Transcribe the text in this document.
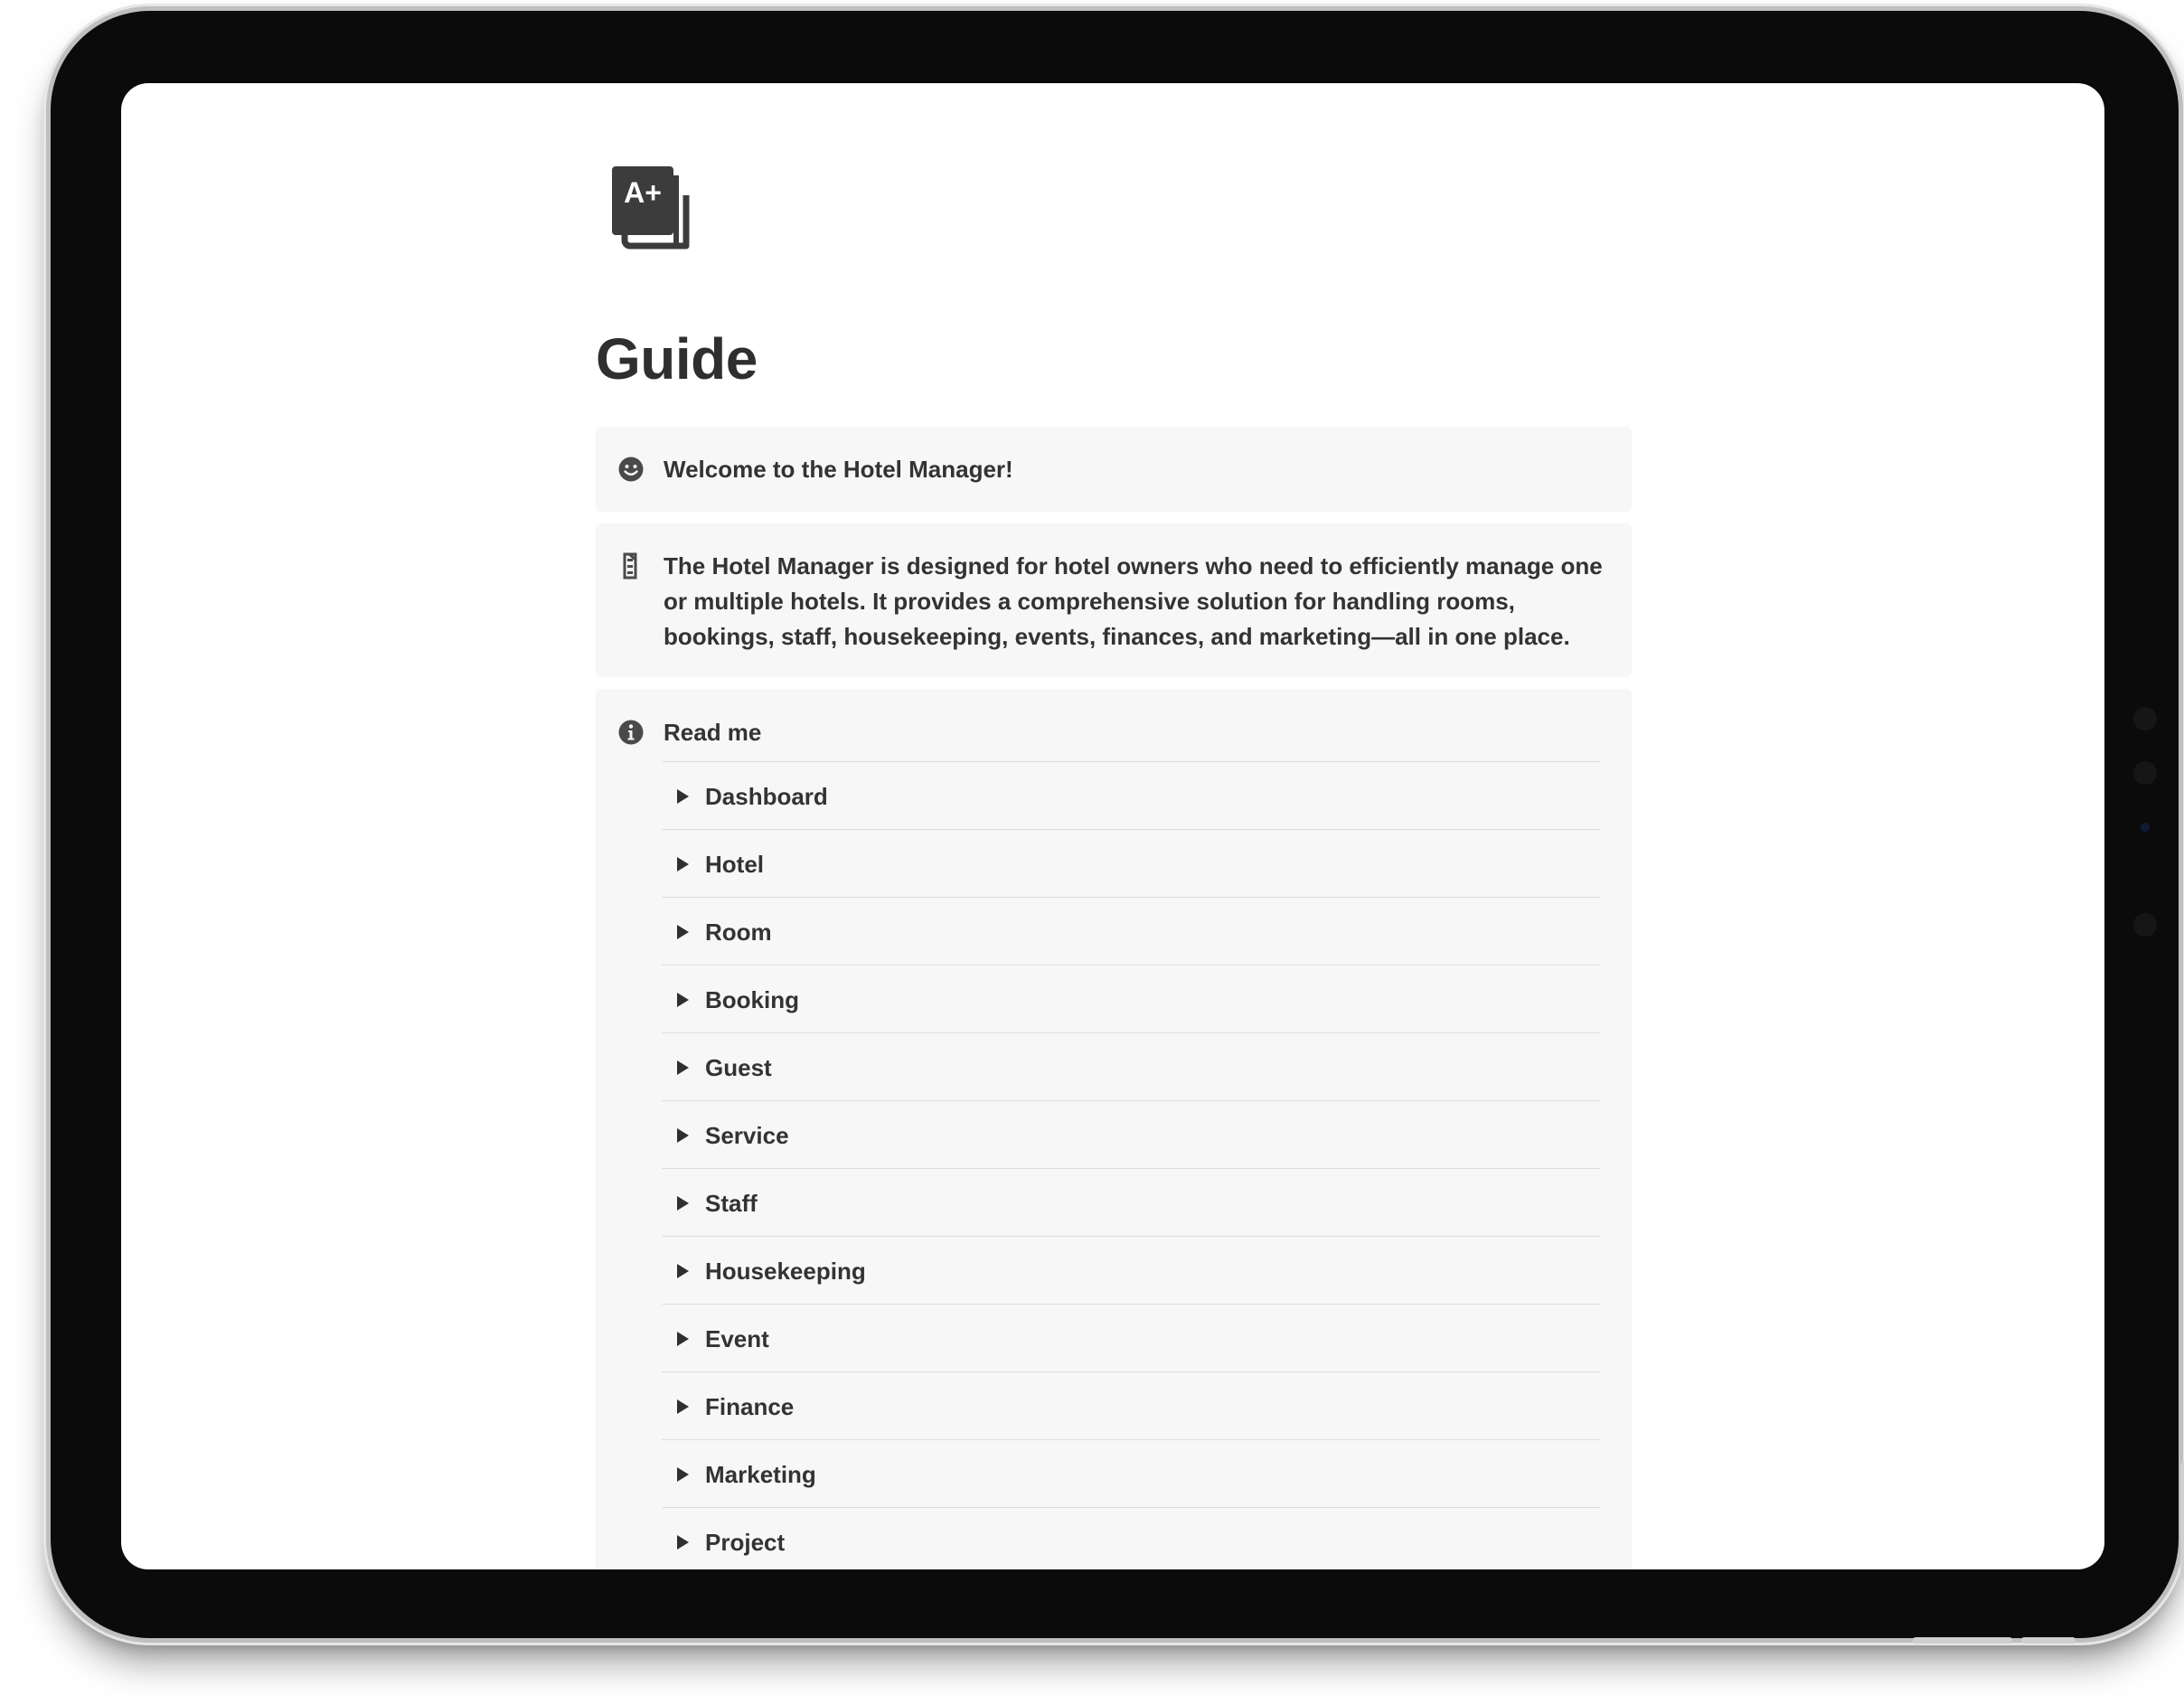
A+
Guide
Welcome to the Hotel Manager!
The Hotel Manager is designed for hotel owners who need to efficiently manage one or multiple hotels. It provides a comprehensive solution for handling rooms, bookings, staff, housekeeping, events, finances, and marketing—all in one place.
Read me
Dashboard
Hotel
Room
Booking
Guest
Service
Staff
Housekeeping
Event
Finance
Marketing
Project
